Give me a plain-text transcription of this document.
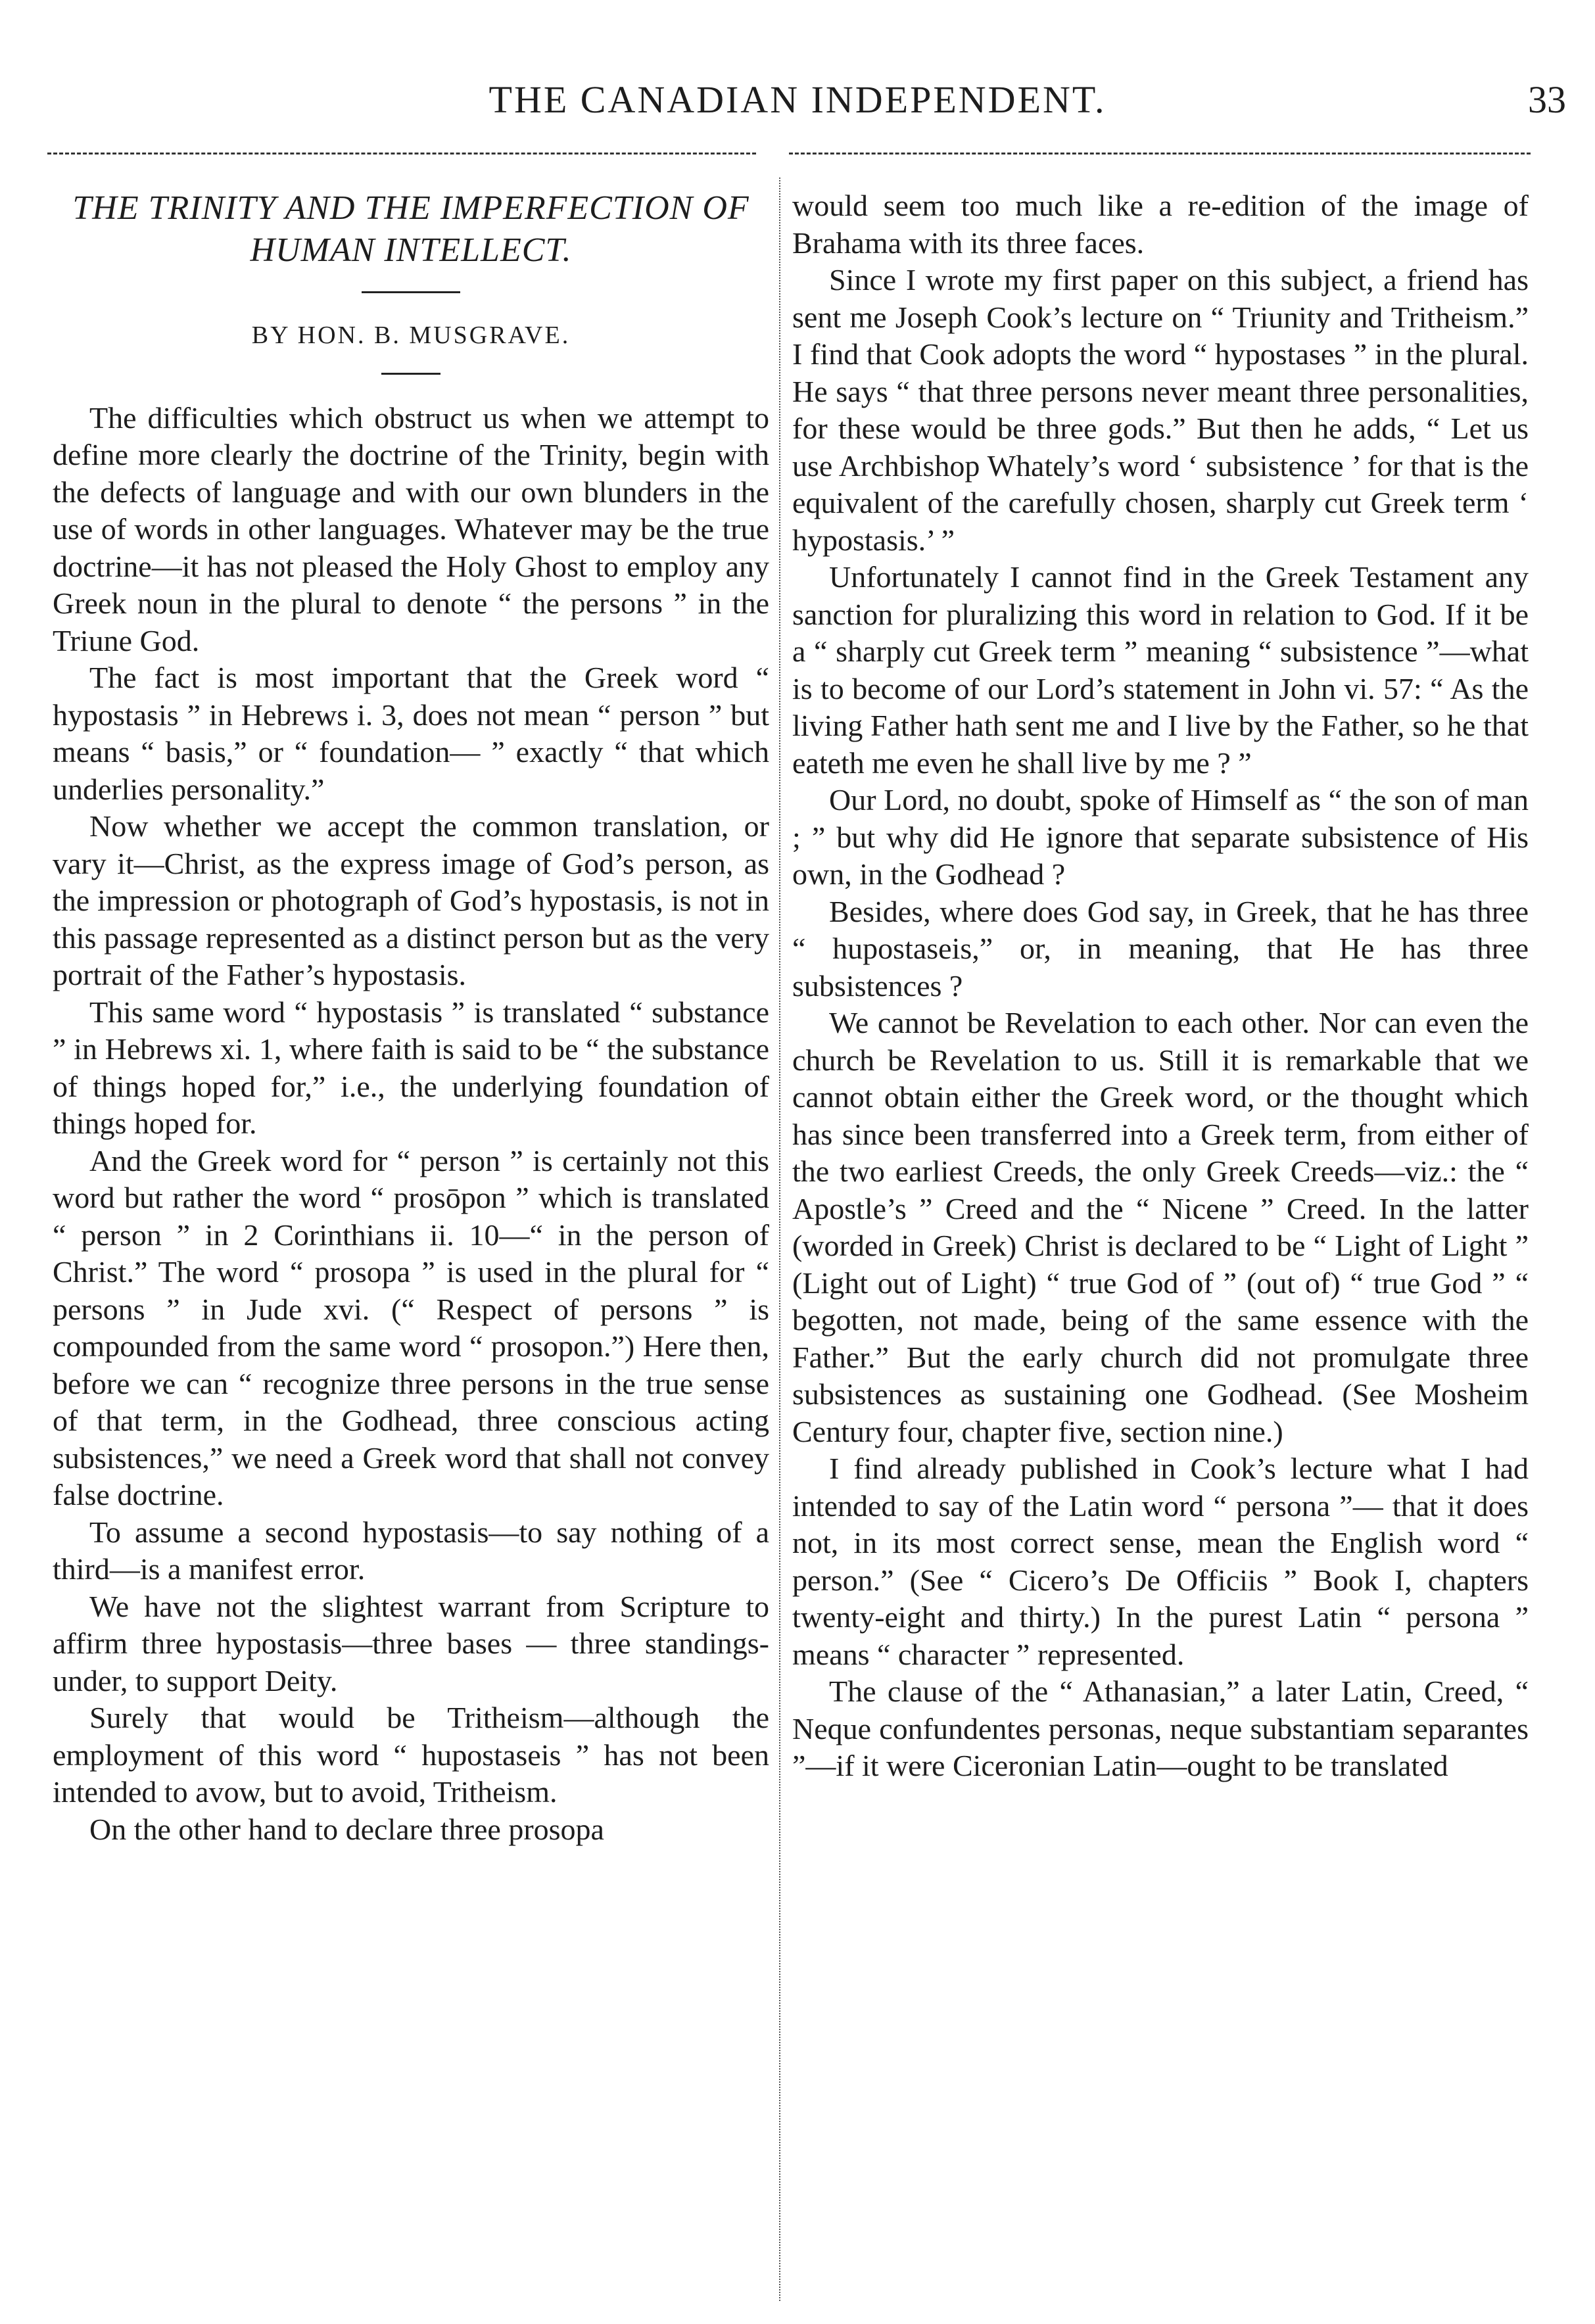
THE CANADIAN INDEPENDENT.	33
THE TRINITY AND THE IMPERFECTION OF HUMAN INTELLECT.
BY HON. B. MUSGRAVE.

The difficulties which obstruct us when we attempt to define more clearly the doctrine of the Trinity, begin with the defects of language and with our own blunders in the use of words in other languages. Whatever may be the true doctrine—it has not pleased the Holy Ghost to employ any Greek noun in the plural to denote “ the persons ” in the Triune God.

The fact is most important that the Greek word “ hypostasis ” in Hebrews i. 3, does not mean “ person ” but means “ basis,” or “ foundation— ” exactly “ that which underlies personality.”

Now whether we accept the common translation, or vary it—Christ, as the express image of God’s person, as the impression or photograph of God’s hypostasis, is not in this passage represented as a distinct person but as the very portrait of the Father’s hypostasis.

This same word “ hypostasis ” is translated “ substance ” in Hebrews xi. 1, where faith is said to be “ the substance of things hoped for,” i.e., the underlying foundation of things hoped for.

And the Greek word for “ person ” is certainly not this word but rather the word “ prosōpon ” which is translated “ person ” in 2 Corinthians ii. 10—“ in the person of Christ.” The word “ prosopa ” is used in the plural for “ persons ” in Jude xvi. (“ Respect of persons ” is compounded from the same word “ prosopon.”) Here then, before we can “ recognize three persons in the true sense of that term, in the Godhead, three conscious acting subsistences,” we need a Greek word that shall not convey false doctrine.

To assume a second hypostasis—to say nothing of a third—is a manifest error.

We have not the slightest warrant from Scripture to affirm three hypostasis—three bases — three standings-under, to support Deity.

Surely that would be Tritheism—although the employment of this word “ hupostaseis ” has not been intended to avow, but to avoid, Tritheism.

On the other hand to declare three prosopa

would seem too much like a re-edition of the image of Brahama with its three faces.

Since I wrote my first paper on this subject, a friend has sent me Joseph Cook’s lecture on “ Triunity and Tritheism.” I find that Cook adopts the word “ hypostases ” in the plural. He says “ that three persons never meant three personalities, for these would be three gods.” But then he adds, “ Let us use Archbishop Whately’s word ‘ subsistence ’ for that is the equivalent of the carefully chosen, sharply cut Greek term ‘ hypostasis.’ ”

Unfortunately I cannot find in the Greek Testament any sanction for pluralizing this word in relation to God. If it be a “ sharply cut Greek term ” meaning “ subsistence ”—what is to become of our Lord’s statement in John vi. 57: “ As the living Father hath sent me and I live by the Father, so he that eateth me even he shall live by me ? ”

Our Lord, no doubt, spoke of Himself as “ the son of man ; ” but why did He ignore that separate subsistence of His own, in the Godhead ?

Besides, where does God say, in Greek, that he has three “ hupostaseis,” or, in meaning, that He has three subsistences ?

We cannot be Revelation to each other. Nor can even the church be Revelation to us. Still it is remarkable that we cannot obtain either the Greek word, or the thought which has since been transferred into a Greek term, from either of the two earliest Creeds, the only Greek Creeds—viz.: the “ Apostle’s ” Creed and the “ Nicene ” Creed. In the latter (worded in Greek) Christ is declared to be “ Light of Light ” (Light out of Light) “ true God of ” (out of) “ true God ” “ begotten, not made, being of the same essence with the Father.” But the early church did not promulgate three subsistences as sustaining one Godhead. (See Mosheim Century four, chapter five, section nine.)

I find already published in Cook’s lecture what I had intended to say of the Latin word “ persona ”— that it does not, in its most correct sense, mean the English word “ person.” (See “ Cicero’s De Officiis ” Book I, chapters twenty-eight and thirty.) In the purest Latin “ persona ” means “ character ” represented.

The clause of the “ Athanasian,” a later Latin, Creed, “ Neque confundentes personas, neque substantiam separantes ”—if it were Ciceronian Latin—ought to be translated
